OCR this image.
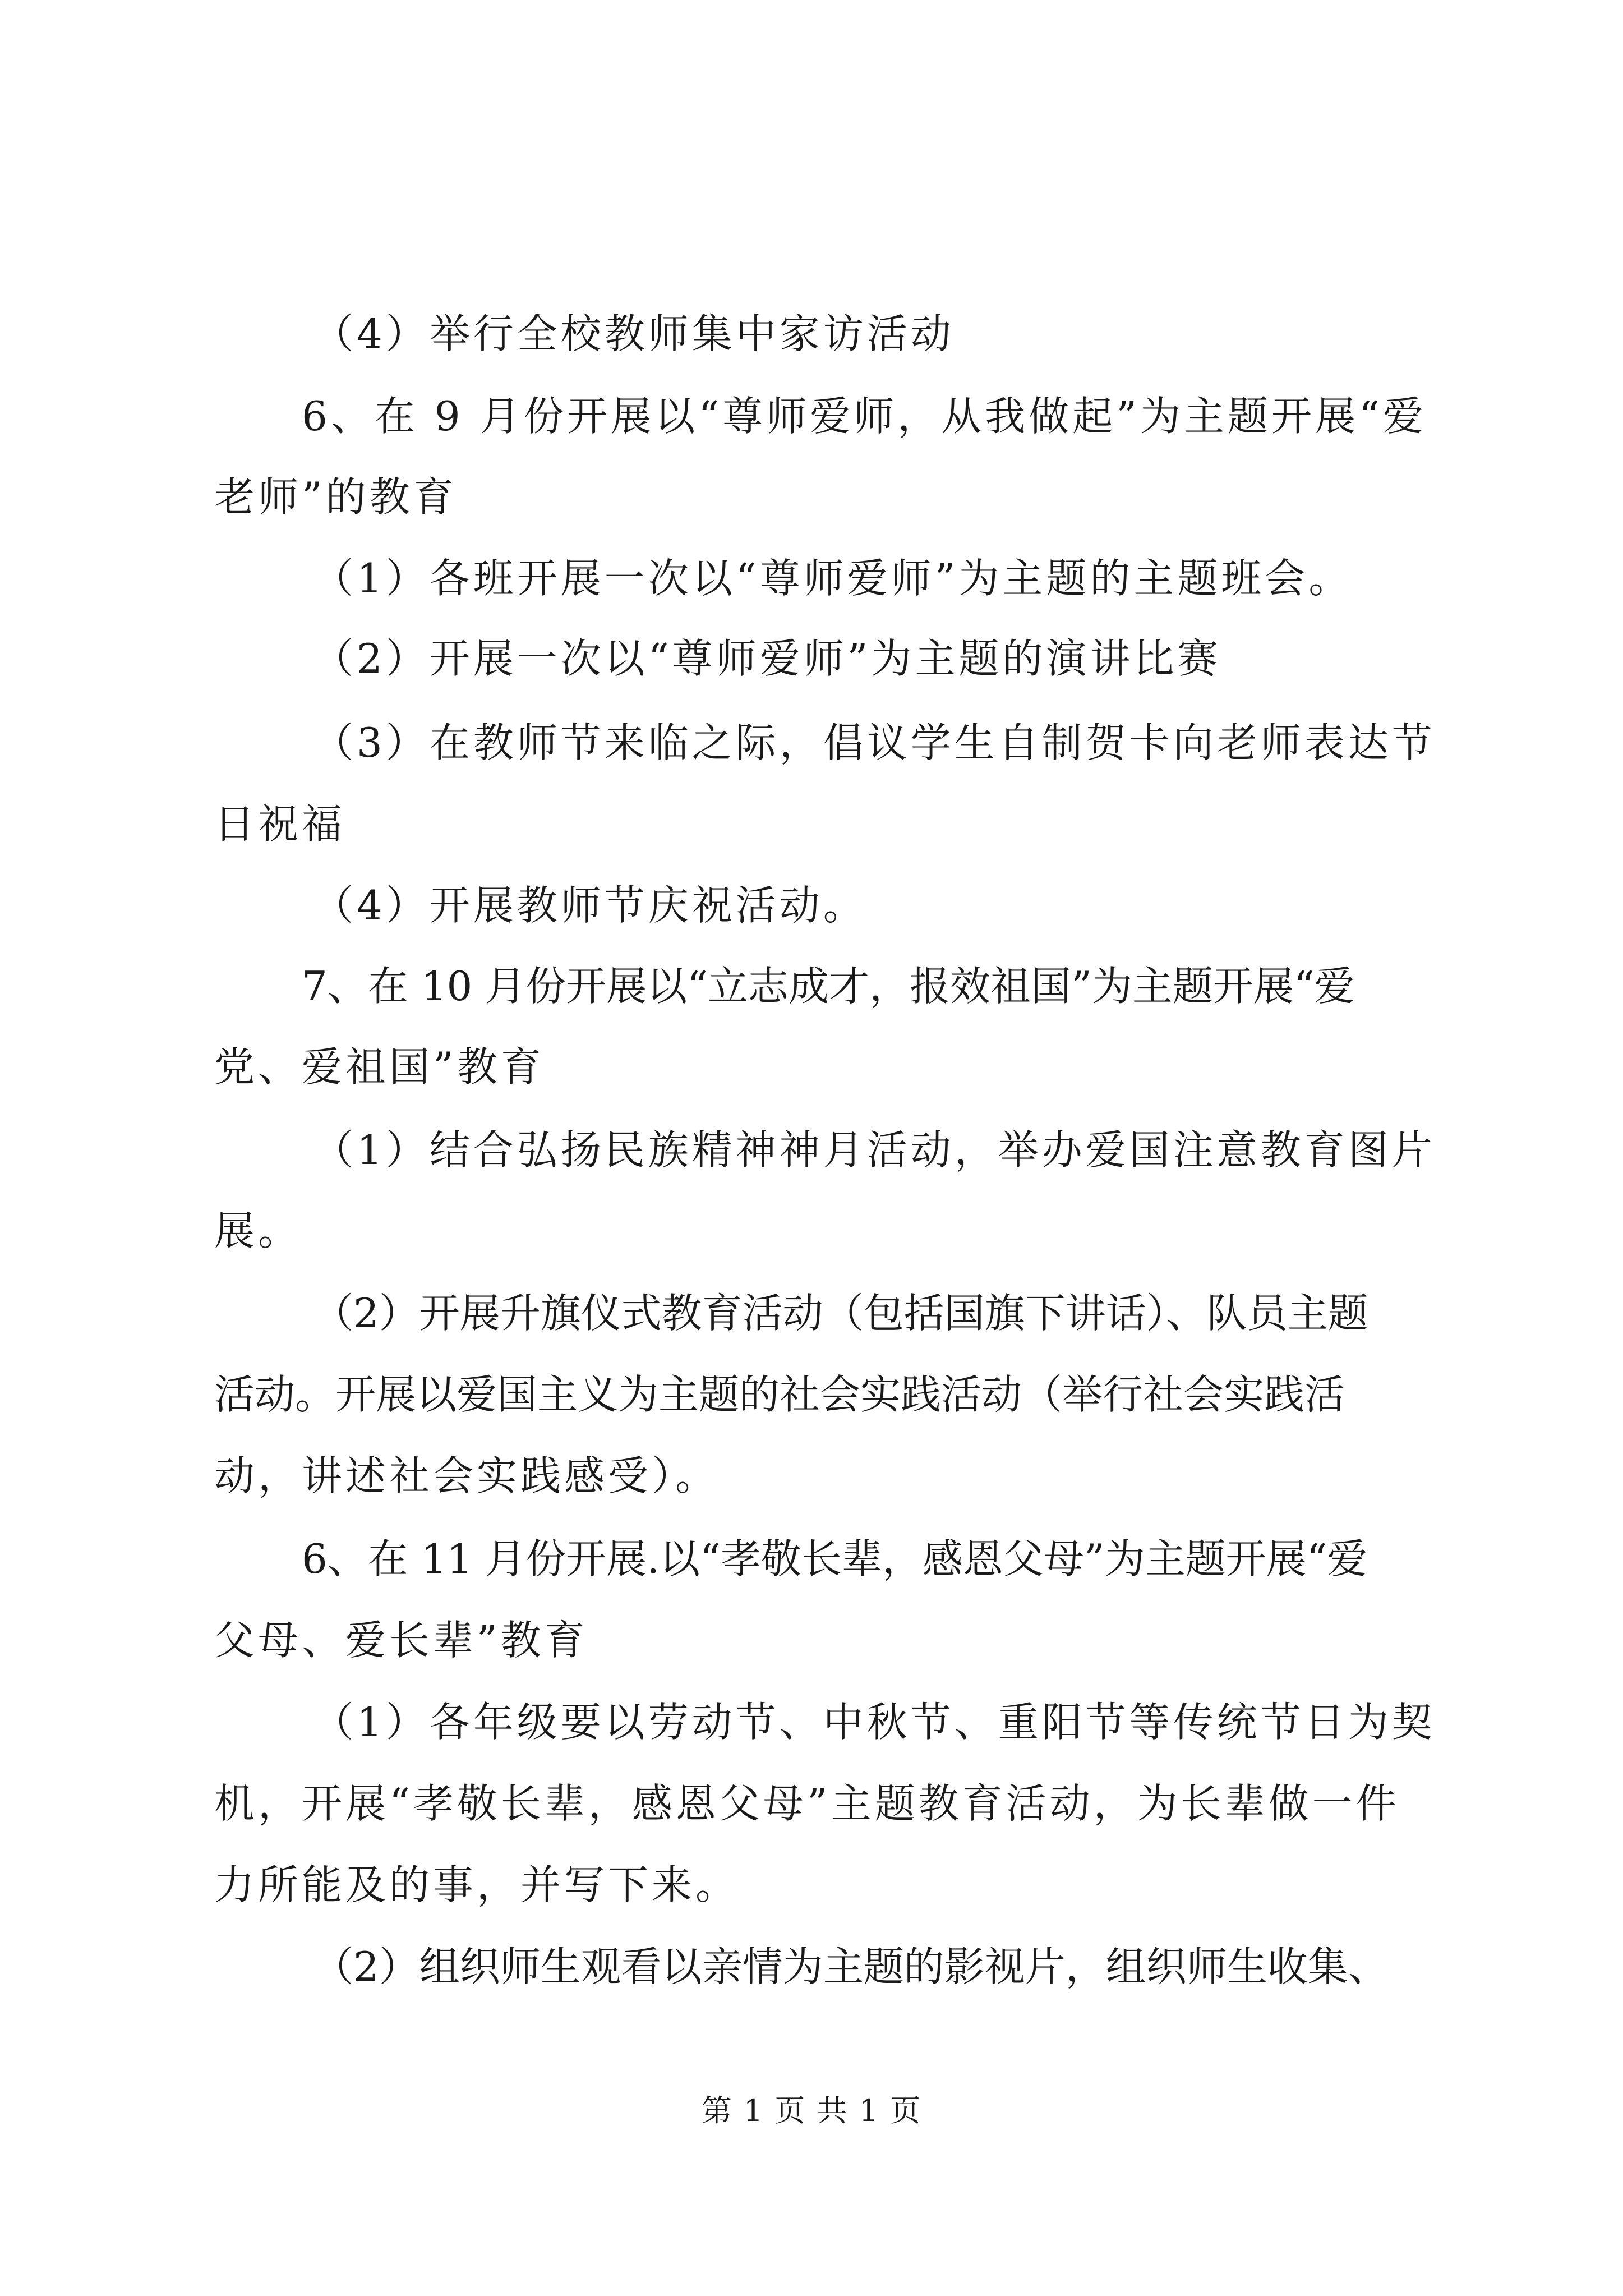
（4）举行全校教师集中家访活动

6、在 9 月份开展以“尊师爱师，从我做起”为主题开展“爱

老师”的教育

（1）各班开展一次以“尊师爱师”为主题的主题班会。

（2）开展一次以“尊师爱师”为主题的演讲比赛

（3）在教师节来临之际，倡议学生自制贺卡向老师表达节

日祝福

（4）开展教师节庆祝活动。

7、在 10 月份开展以“立志成才，报效祖国”为主题开展“爱

党、爱祖国”教育

（1）结合弘扬民族精神神月活动，举办爱国注意教育图片

展。

（2）开展升旗仪式教育活动（包括国旗下讲话）、队员主题

活动。开展以爱国主义为主题的社会实践活动（举行社会实践活

动，讲述社会实践感受）。

6、在 11 月份开展.以“孝敬长辈，感恩父母”为主题开展“爱

父母、爱长辈”教育

（1）各年级要以劳动节、中秋节、重阳节等传统节日为契

机，开展“孝敬长辈，感恩父母”主题教育活动，为长辈做一件

力所能及的事，并写下来。

（2）组织师生观看以亲情为主题的影视片，组织师生收集、

第 1 页 共 1 页
